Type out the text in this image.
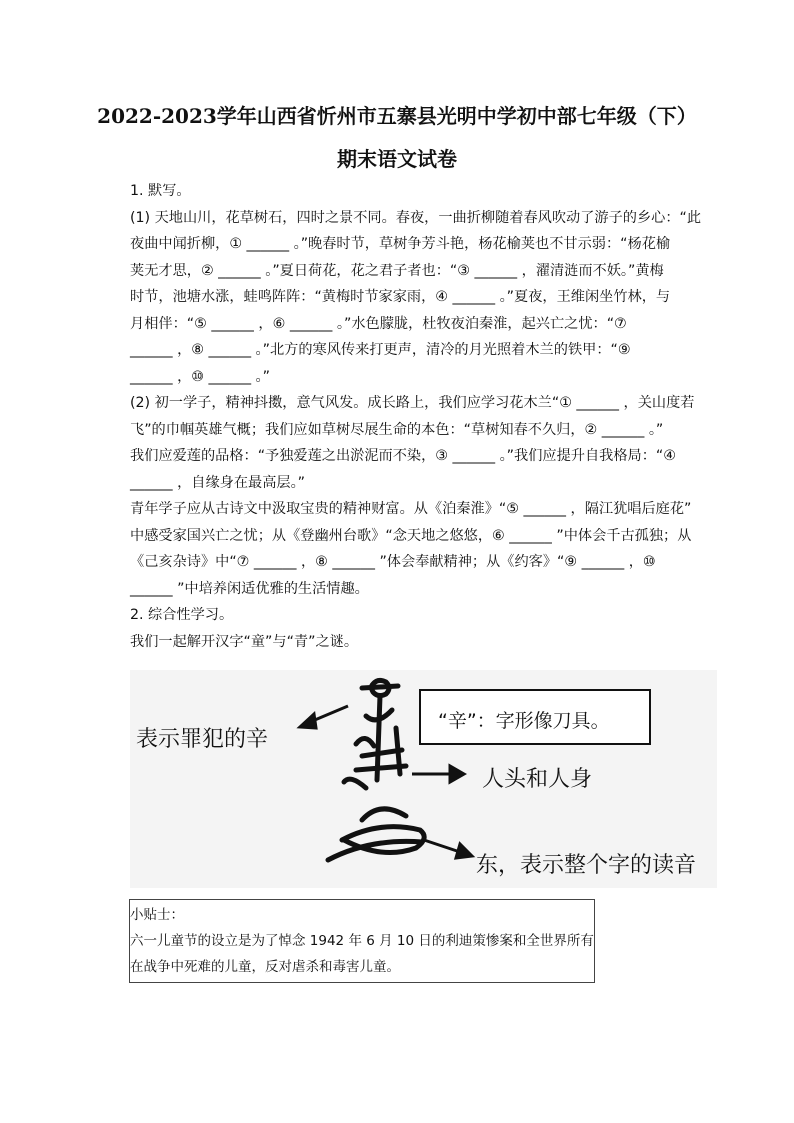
2022-2023学年山西省忻州市五寨县光明中学初中部七年级（下）
期末语文试卷
1. 默写。
(1) 天地山川，花草树石，四时之景不同。春夜，一曲折柳随着春风吹动了游子的乡心：“此
夜曲中闻折柳，① ______ 。”晚春时节，草树争芳斗艳，杨花榆荚也不甘示弱：“杨花榆
荚无才思，② ______ 。”夏日荷花，花之君子者也：“③ ______ ，濯清涟而不妖。”黄梅
时节，池塘水涨，蛙鸣阵阵：“黄梅时节家家雨，④ ______ 。”夏夜，王维闲坐竹林，与
月相伴：“⑤ ______ ，⑥ ______ 。”水色朦胧，杜牧夜泊秦淮，起兴亡之忧：“⑦
______ ，⑧ ______ 。”北方的寒风传来打更声，清冷的月光照着木兰的铁甲：“⑨
______ ，⑩ ______ 。”
(2) 初一学子，精神抖擞，意气风发。成长路上，我们应学习花木兰“① ______ ，关山度若
飞”的巾帼英雄气概；我们应如草树尽展生命的本色：“草树知春不久归，② ______ 。”
我们应爱莲的品格：“予独爱莲之出淤泥而不染，③ ______ 。”我们应提升自我格局：“④
______ ，自缘身在最高层。”
青年学子应从古诗文中汲取宝贵的精神财富。从《泊秦淮》“⑤ ______ ，隔江犹唱后庭花”
中感受家国兴亡之忧；从《登幽州台歌》“念天地之悠悠，⑥ ______ ”中体会千古孤独；从
《己亥杂诗》中“⑦ ______ ，⑧ ______ ”体会奉献精神；从《约客》“⑨ ______ ，⑩
______ ”中培养闲适优雅的生活情趣。
2. 综合性学习。
我们一起解开汉字“童”与“青”之谜。
表示罪犯的辛
“辛”：字形像刀具。
人头和人身
东，表示整个字的读音
小贴士：
六一儿童节的设立是为了悼念 1942 年 6 月 10 日的利迪策惨案和全世界所有
在战争中死难的儿童，反对虐杀和毒害儿童。
